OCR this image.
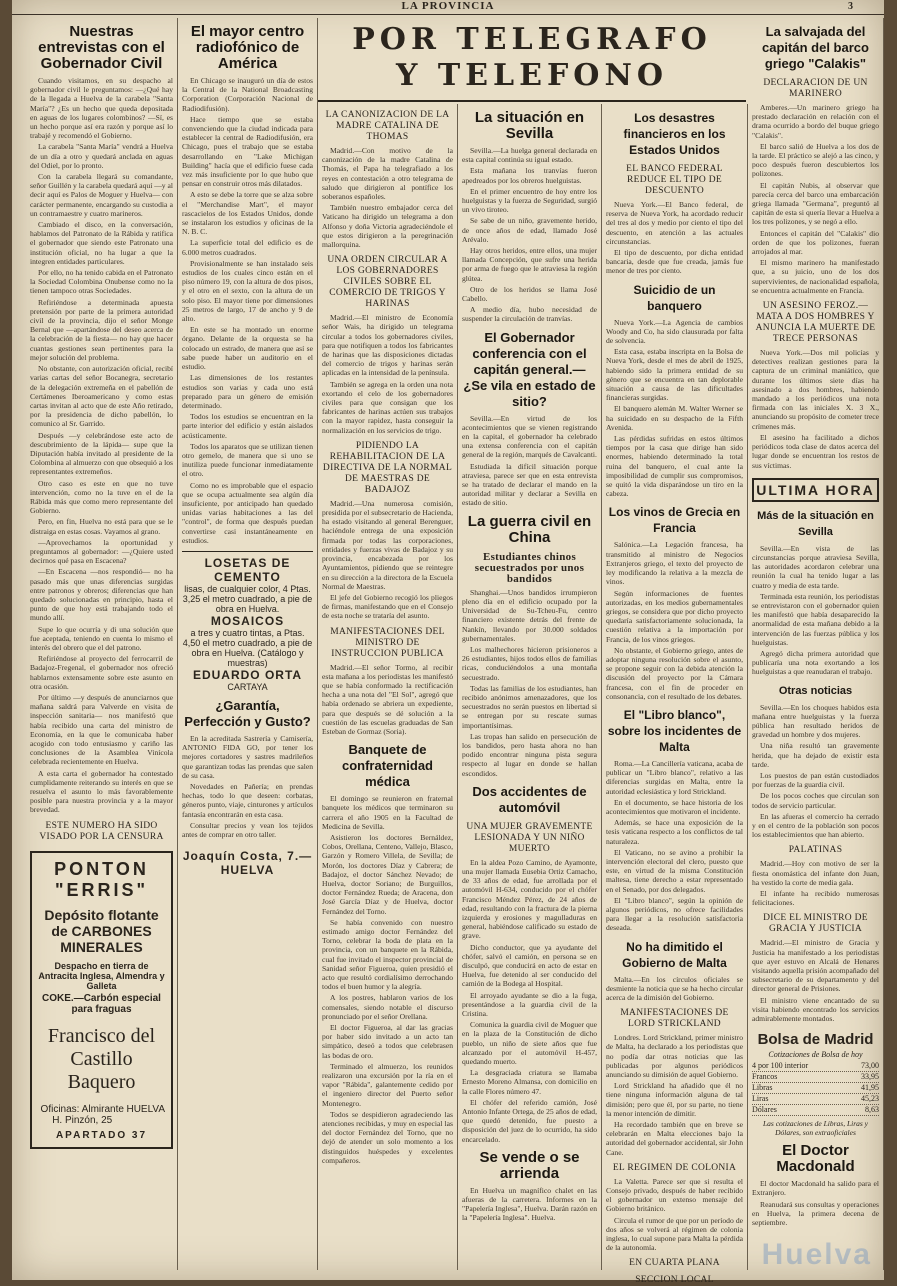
LA PROVINCIA	3
POR TELEGRAFO
Y TELEFONO
Nuestras entrevistas con el Gobernador Civil

Cuando visitamos, en su despacho al gobernador civil le preguntamos: —¿Qué hay de la llegada a Huelva de la carabela "Santa María"? ¿Es un hecho que queda depositada en aguas de los lugares colombinos? —Sí, es un hecho porque así era razón y porque así lo trabajé y recomendó el Gobierno.

La carabela "Santa María" vendrá a Huelva de un día a otro y quedará anclada en aguas del Odiel, por lo pronto.

Con la carabela llegará su comandante, señor Guillén y la carabela quedará aquí —y al decir aquí es Palos de Moguer y Huelva— con carácter permanente, encargando su custodia a un contramaestre y cuatro marineros.

Cambiado el disco, en la conversación, hablamos del Patronato de la Rábida y ratifica el gobernador que siendo este Patronato una institución oficial, no ha lugar a que la integren entidades particulares.

Por ello, no ha tenido cabida en el Patronato la Sociedad Colombina Onubense como no la tienen tampoco otras Sociedades.

Refiriéndose a determinada apuesta pretensión por parte de la primera autoridad civil de la provincia, dijo el señor Monge Bernal que —apartándose del deseo acerca de la celebración de la fiesta— no hay que hacer cuantas gestiones sean pertinentes para la mejor solución del problema.

No obstante, con autorización oficial, recibí varias cartas del señor Bocanegra, secretario de la delegación extremeña en el pabellón de Certámenes Iberoamericano y como estas cartas invitan al acto que de este Año retirado, por la presidencia de dicho pabellón, lo comunico al Sr. Garrido.

Después —y celebrándose este acto de descubrimiento de la lápida— supe que la Diputación había invitado al presidente de la Colombina al almuerzo con que obsequió a los representantes extremeños.

Otro caso es este en que no tuve intervención, como no la tuve en el de la Rábida más que como mero representante del Gobierno.

Pero, en fin, Huelva no está para que se le distraiga en estas cosas. Vayamos al grano.

—Aprovechamos la oportunidad y preguntamos al gobernador: —¿Quiere usted decirnos qué pasa en Escacena?

—En Escacena —nos respondió— no ha pasado más que unas diferencias surgidas entre patronos y obreros; diferencias que han quedado solucionadas en principio, hasta el punto de que hoy está trabajando todo el mundo allí.

Supe lo que ocurría y di una solución que fue aceptada, teniendo en cuenta lo mismo el interés del obrero que el del patrono.

Refiriéndose al proyecto del ferrocarril de Badajoz-Fregenal, el gobernador nos ofreció hablarnos extensamente sobre este asunto en otra ocasión.

Por último —y después de anunciarnos que mañana saldrá para Valverde en visita de inspección sanitaria— nos manifestó que había recibido una carta del ministro de Economía, en la que le comunicaba haber acogido con todo entusiasmo y cariño las conclusiones de la Asamblea Vinícola celebrada recientemente en Huelva.

A esta carta el gobernador ha contestado cumplidamente reiterando su interés en que se resuelva el asunto lo más favorablemente posible para nuestra provincia y a la mayor brevedad.

ESTE NUMERO HA SIDO VISADO POR LA CENSURA
PONTON "ERRIS"
Depósito flotante de CARBONES MINERALES
Despacho en tierra de Antracita Inglesa, Almendra y Galleta
COKE.—Carbón especial para fraguas
Francisco del Castillo Baquero
Oficinas: Almirante H. Pinzón, 25
HUELVA
APARTADO 37
El mayor centro radiofónico de América

En Chicago se inauguró un día de estos la Central de la National Broadcasting Corporation (Corporación Nacional de Radiodifusión).

Hace tiempo que se estaba convenciendo que la ciudad indicada para establecer la central de Radiodifusión, era Chicago, pues el trabajo que se estaba desarrollando en "Lake Michigan Building" hacía que el edificio fuese cada vez más insuficiente por lo que hubo que pensar en construir otros más dilatados.

A esto se debe la torre que se alza sobre el "Merchandise Mart", el mayor rascacielos de los Estados Unidos, donde se instalaron los estudios y oficinas de la N. B. C.

La superficie total del edificio es de 6.000 metros cuadrados.

Provisionalmente se han instalado seis estudios de los cuales cinco están en el piso número 19, con la altura de dos pisos, y el otro en el sexto, con la altura de un solo piso. El mayor tiene por dimensiones 25 metros de largo, 17 de ancho y 9 de alto.

En este se ha montado un enorme órgano. Delante de la orquesta se ha colocado un estrado, de manera que así se sabe puede haber un auditorio en el estudio.

Las dimensiones de los restantes estudios son varias y cada uno está preparado para un género de emisión determinado.

Todos los estudios se encuentran en la parte interior del edificio y están aislados acústicamente.

Todos los aparatos que se utilizan tienen otro gemelo, de manera que si uno se inutiliza puede funcionar inmediatamente el otro.

Como no es improbable que el espacio que se ocupa actualmente sea algún día insuficiente, por anticipado han quedado unidas varias habitaciones a las del "control", de forma que después puedan convertirse casi instantáneamente en estudios.

LOSETAS DE CEMENTO
lisas, de cualquier color, 4 Ptas. 3,25 el metro cuadrado, a pie de obra en Huelva.
MOSAICOS
a tres y cuatro tintas, a Ptas. 4,50 el metro cuadrado, a pie de obra en Huelva. (Catálogo y muestras)
EDUARDO ORTA
CARTAYA
¿Garantía, Perfección y Gusto?

En la acreditada Sastrería y Camisería, ANTONIO FIDA GO, por tener los mejores cortadores y sastres madrileños que garantizan todas las prendas que salen de su casa.

Novedades en Pañería; en prendas hechas, todo lo que deseen: corbatas, géneros punto, viaje, cinturones y artículos fantasía encontrarán en esta casa.

Consultar precios y vean los tejidos antes de comprar en otro taller.

Joaquín Costa, 7.—HUELVA
LA CANONIZACION DE LA MADRE CATALINA DE THOMAS

Madrid.—Con motivo de la canonización de la madre Catalina de Thomás, el Papa ha telegrafiado a los reyes en contestación a otro telegrama de saludo que dirigieron al pontífice los soberanos españoles.

También nuestro embajador cerca del Vaticano ha dirigido un telegrama a don Alfonso y doña Victoria agradeciéndole el que estos dirigieron a la peregrinación mallorquina.

UNA ORDEN CIRCULAR A LOS GOBERNADORES CIVILES SOBRE EL COMERCIO DE TRIGOS Y HARINAS

Madrid.—El ministro de Economía señor Wais, ha dirigido un telegrama circular a todos los gobernadores civiles, para que notifiquen a todos los fabricantes de harinas que las disposiciones dictadas del comercio de trigos y harinas serán aplicadas en la intensidad de la península.

También se agrega en la orden una nota exortando el celo de los gobernadores civiles para que consigan que los fabricantes de harinas actúen sus trabajos con la mayor rapidez, hasta conseguir la normalización en los servicios de trigo.

PIDIENDO LA REHABILITACION DE LA DIRECTIVA DE LA NORMAL DE MAESTRAS DE BADAJOZ

Madrid.—Una numerosa comisión, presidida por el subsecretario de Hacienda, ha estado visitando al general Berenguer, haciéndole entrega de una exposición firmada por todas las corporaciones, entidades y fuerzas vivas de Badajoz y su provincia, encabezada por los Ayuntamientos, pidiendo que se reintegre en su dirección a la directora de la Escuela Normal de Maestras.

El jefe del Gobierno recogió los pliegos de firmas, manifestando que en el Consejo de esta noche se trataría del asunto.

MANIFESTACIONES DEL MINISTRO DE INSTRUCCION PUBLICA

Madrid.—El señor Tormo, al recibir esta mañana a los periodistas les manifestó que se había conformado la rectificación hecha a una nota del "El Sol", agregó que había ordenado se abriera un expediente, para que después se dé solución a la cuestión de las escuelas graduadas de San Esteban de Gormaz (Soria).

Banquete de confraternidad médica

El domingo se reunieron en fraternal banquete los médicos que terminaron su carrera el año 1905 en la Facultad de Medicina de Sevilla.

Asistieron los doctores Bernáldez, Cobos, Orellana, Centeno, Vallejo, Blasco, Garzón y Romero Villela, de Sevilla; de Morón, los doctores Díaz y Cabrera; de Badajoz, el doctor Sánchez Nevado; de Huelva, doctor Soriano; de Burguillos, doctor Fernández Rueda; de Aracena, don José García Díaz y de Huelva, doctor Fernández del Torno.

Se había convenido con nuestro estimado amigo doctor Fernández del Torno, celebrar la boda de plata en la provincia, con un banquete en la Rábida, cual fue invitado el inspector provincial de Sanidad señor Figueroa, quien presidió el acto que resultó cordialísimo derrochando todos el buen humor y la alegría.

A los postres, hablaron varios de los comensales, siendo notable el discurso pronunciado por el señor Orellana.

El doctor Figueroa, al dar las gracias por haber sido invitado a un acto tan simpático, deseó a todos que celebrasen las bodas de oro.

Terminado el almuerzo, los reunidos realizaron una excursión por la ría en el vapor "Rábida", galantemente cedido por el ingeniero director del Puerto señor Montenegro.

Todos se despidieron agradeciendo las atenciones recibidas, y muy en especial las del doctor Fernández del Torno, que no dejó de atender un solo momento a los distinguidos huéspedes y excelentes compañeros.

La situación en Sevilla

Sevilla.—La huelga general declarada en esta capital continúa su igual estado.

Esta mañana los tranvías fueron apedreados por los obreros huelguistas.

En el primer encuentro de hoy entre los huelguistas y la fuerza de Seguridad, surgió un vivo tiroteo.

Se sabe de un niño, gravemente herido, de once años de edad, llamado José Arévalo.

Hay otros heridos, entre ellos, una mujer llamada Concepción, que sufre una herida por arma de fuego que le atraviesa la región glútea.

Otro de los heridos se llama José Cabello.

A medio día, hubo necesidad de suspender la circulación de tranvías.

El Gobernador conferencia con el capitán general.—¿Se vila en estado de sitio?

Sevilla.—En virtud de los acontecimientos que se vienen registrando en la capital, el gobernador ha celebrado una extensa conferencia con el capitán general de la región, marqués de Cavalcanti.

Estudiada la difícil situación porque atraviesa, parece ser que en esta entrevista se ha tratado de declarar el mando en la autoridad militar y declarar a Sevilla en estado de sitio.

La guerra civil en China
Estudiantes chinos secuestrados por unos bandidos

Shanghai.—Unos bandidos irrumpieron pleno día en el edificio ocupado por la Universidad de Su-Tcheu-Fu, centro financiero existente detrás del frente de Nankín, llevando por 30.000 soldados gubernamentales.

Los malhechores hicieron prisioneros a 26 estudiantes, hijos todos ellos de familias ricas, conduciéndolos a una montaña secuestrado.

Todas las familias de los estudiantes, han recibido anónimos amenazadores, que los secuestrados no serán puestos en libertad si se entregan por su rescate sumas importantísimas.

Las tropas han salido en persecución de los bandidos, pero hasta ahora no han podido encontrar ninguna pista segura respecto al lugar en donde se hallan escondidos.

Dos accidentes de automóvil
UNA MUJER GRAVEMENTE LESIONADA Y UN NIÑO MUERTO

En la aldea Pozo Camino, de Ayamonte, una mujer llamada Eusebia Ortiz Camacho, de 33 años de edad, fue arrollada por el automóvil H-634, conducido por el chófer Francisco Méndez Pérez, de 24 años de edad, resultando con la fractura de la pierna izquierda y erosiones y magulladuras en general, habiéndose calificado su estado de grave.

Dicho conductor, que ya ayudante del chófer, salvó el camión, en persona se en disculpó, que conducirá en acto de estar en Huelva, fue detenido al ser conducido del camión de la Bodega al Hospital.

El arroyado ayudante se dio a la fuga, presentándose a la guardia civil de la Cristina.

Comunica la guardia civil de Moguer que en la plaza de la Constitución de dicho pueblo, un niño de siete años que fue alcanzado por el automóvil H-457, quedando muerto.

La desgraciada criatura se llamaba Ernesto Moreno Almansa, con domicilio en la calle Flores número 47.

El chófer del referido camión, José Antonio Infante Ortega, de 25 años de edad, que quedó detenido, fue puesto a disposición del juez de lo ocurrido, ha sido encarcelado.

Se vende o se arrienda

En Huelva un magnífico chalet en las afueras de la carretera. Informes en la "Papelería Inglesa", Huelva. Darán razón en la "Papelería Inglesa". Huelva.

Los desastres financieros en los Estados Unidos
EL BANCO FEDERAL REDUCE EL TIPO DE DESCUENTO

Nueva York.—El Banco federal, de reserva de Nueva York, ha acordado reducir del tres al dos y medio por ciento el tipo del descuento, en atención a las actuales circunstancias.

El tipo de descuento, por dicha entidad bancaria, desde que fue creada, jamás fue menor de tres por ciento.

Suicidio de un banquero

Nueva York.—La Agencia de cambios Woody and Co, ha sido clausurada por falta de solvencia.

Esta casa, estaba inscripta en la Bolsa de Nueva York, desde el mes de abril de 1925, habiendo sido la primera entidad de su género que se encuentra en tan deplorable situación a causa de las dificultades financieras surgidas.

El banquero alemán M. Walter Werner se ha suicidado en su despacho de la Fifth Avenida.

Las pérdidas sufridas en estos últimos tiempos por la casa que dirige han sido enormes, habiendo determinado la total ruina del banquero, el cual ante la imposibilidad de cumplir sus compromisos, se quitó la vida disparándose un tiro en la cabeza.

Los vinos de Grecia en Francia

Salónica.—La Legación francesa, ha transmitido al ministro de Negocios Extranjeros griego, el texto del proyecto de ley modificando la relativa a la mezcla de vinos.

Según informaciones de fuentes autorizadas, en los medios gubernamentales griegos, se considera que por dicho proyecto quedaría satisfactoriamente solucionada, la cuestión relativa a la importación por Francia, de los vinos griegos.

No obstante, el Gobierno griego, antes de adoptar ninguna resolución sobre el asunto, se propone seguir con la debida atención la discusión del proyecto por la Cámara francesa, con el fin de proceder en consonancia, con el resultado de los debates.

El "Libro blanco", sobre los incidentes de Malta

Roma.—La Cancillería vaticana, acaba de publicar un "Libro blanco", relativo a las diferencias surgidas en Malta, entre la autoridad eclesiástica y lord Strickland.

En el documento, se hace historia de los acontecimientos que motivaron el incidente.

Además, se hace una exposición de la tesis vaticana respecto a los conflictos de tal naturaleza.

El Vaticano, no se avino a prohibir la intervención electoral del clero, puesto que este, en virtud de la misma Constitución maltesa, tiene derecho a estar representado en el Senado, por dos delegados.

El "Libro blanco", según la opinión de algunos periódicos, no ofrece facilidades para llegar a la resolución satisfactoria deseada.

No ha dimitido el Gobierno de Malta

Malta.—En los círculos oficiales se desmiente la noticia que se ha hecho circular acerca de la dimisión del Gobierno.

MANIFESTACIONES DE LORD STRICKLAND

Londres. Lord Strickland, primer ministro de Malta, ha declarado a los periodistas que no podía dar otras noticias que las publicadas por algunos periódicos anunciando su dimisión de aquel Gobierno.

Lord Strickland ha añadido que él no tiene ninguna información alguna de tal dimisión; pero que él, por su parte, no tiene la menor intención de dimitir.

Ha recordado también que en breve se celebrarán en Malta elecciones bajo la autoridad del gobernador accidental, sir John Cane.

EL REGIMEN DE COLONIA

La Valetta. Parece ser que si resulta el Consejo privado, después de haber recibido el gobernador un extenso mensaje del Gobierno británico.

Circula el rumor de que por un período de dos años se volverá al régimen de colonia inglesa, lo cual supone para Malta la pérdida de la autonomía.

EN CUARTA PLANA
SECCION LOCAL
La salvajada del capitán del barco griego "Calakis"
DECLARACION DE UN MARINERO

Amberes.—Un marinero griego ha prestado declaración en relación con el drama ocurrido a bordo del buque griego "Calakis".

El barco salió de Huelva a los dos de la tarde. El práctico se alejó a las cinco, y poco después fueron descubiertos los polizones.

El capitán Nubis, al observar que parecía cerca del barco una embarcación griega llamada "Germana", preguntó al capitán de esta si quería llevar a Huelva a los tres polizones, y se negó a ello.

Entonces el capitán del "Calakis" dio orden de que los polizones, fueran arrojados al mar.

El mismo marinero ha manifestado que, a su juicio, uno de los dos supervivientes, de nacionalidad española, se encuentra actualmente en Francia.

UN ASESINO FEROZ.—MATA A DOS HOMBRES Y ANUNCIA LA MUERTE DE TRECE PERSONAS

Nueva York.—Dos mil policías y detectives realizan gestiones para la captura de un criminal maniático, que durante los últimos siete días ha asesinado a dos hombres, habiendo mandado a los periódicos una nota firmada con las iniciales X. 3 X., anunciando su propósito de cometer trece crímenes más.

El asesino ha facilitado a dichos periódicos toda clase de datos acerca del lugar donde se encuentran los restos de sus víctimas.

ULTIMA HORA
Más de la situación en Sevilla

Sevilla.—En vista de las circunstancias porque atraviesa Sevilla, las autoridades acordaron celebrar una reunión la cual ha tenido lugar a las cuatro y media de esta tarde.

Terminada esta reunión, los periodistas se entrevistaron con el gobernador quien les manifestó que había desaparecido la anormalidad de esta mañana debido a la intervención de las fuerzas pública y los huelguistas.

Agregó dicha primera autoridad que publicaría una nota exortando a los huelguistas a que reanudaran el trabajo.

Otras noticias

Sevilla.—En los choques habidos esta mañana entre huelguistas y la fuerza pública han resultado heridos de gravedad un hombre y dos mujeres.

Una niña resultó tan gravemente herida, que ha dejado de existir esta tarde.

Los puestos de pan están custodiados por fuerzas de la guardia civil.

De los pocos coches que circulan son todos de servicio particular.

En las afueras el comercio ha cerrado y en el centro de la población son pocos los establecimientos que han abierto.

PALATINAS

Madrid.—Hoy con motivo de ser la fiesta onomástica del infante don Juan, ha vestido la corte de media gala.

El infante ha recibido numerosas felicitaciones.

DICE EL MINISTRO DE GRACIA Y JUSTICIA

Madrid.—El ministro de Gracia y Justicia ha manifestado a los periodistas que ayer estuvo en Alcalá de Henares visitando aquella prisión acompañado del subsecretario de su departamento y del director general de Prisiones.

El ministro viene encantado de su visita habiendo encontrado los servicios admirablemente montados.

Bolsa de Madrid
Cotizaciones de Bolsa de hoy
4 por 100 interior	73,00
Francos	33,95
Libras	41,95
Liras	45,23
Dólares	8,63
Las cotizaciones de Libras, Liras y Dólares, son extraoficiales
El Doctor Macdonald

El doctor Macdonald ha salido para el Extranjero.

Reanudará sus consultas y operaciones en Huelva, la primera decena de septiembre.

Huelva
